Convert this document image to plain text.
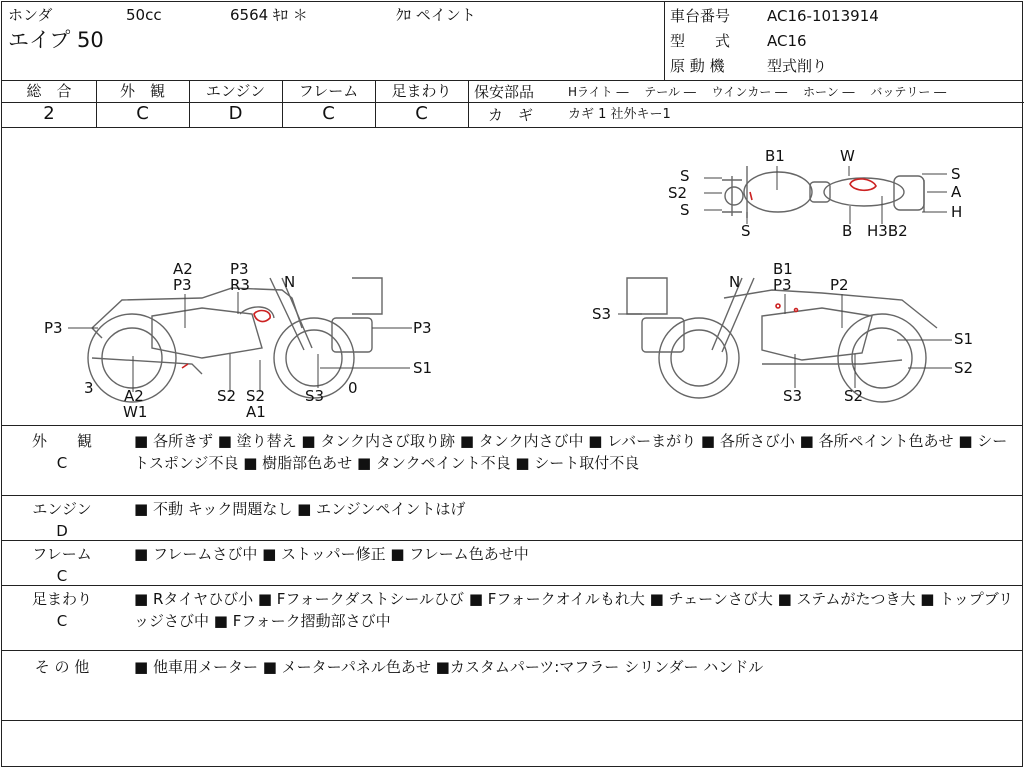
ホンダ	50cc	6564 ｷﾛ ＊	ｸﾛ ペイント
エイプ 50
車台番号 AC16-1013914
型　　式 AC16
原 動 機	型式削り
総　合	外　観	エンジン	フレーム	足まわり
2	C	D	C	C
保安部品	Hライト ―　 テール ―　 ウインカー ―　 ホーン ―　 バッテリー ―
カ　ギ	カギ 1 社外キー1
B1	W
S
S2
S
S
A
H
S	B H3B2
A2
P3
P3
R3 N
P3	P3
S1
3 A2
W1
S2 S2
A1
S3 0
B1
N P3	P2
S3
S1
S2
S3	S2
外　　観
C
■ 各所きず ■ 塗り替え ■ タンク内さび取り跡 ■ タンク内さび中 ■ レバーまがり ■ 各所さび小 ■ 各所ペイント色あせ ■ シートスポンジ不良 ■ 樹脂部色あせ ■ タンクペイント不良 ■ シート取付不良
エンジン
D
■ 不動 キック問題なし ■ エンジンペイントはげ
フレーム
C
■ フレームさび中 ■ ストッパー修正 ■ フレーム色あせ中
足まわり
C
■ Rタイヤひび小 ■ Fフォークダストシールひび ■ Fフォークオイルもれ大 ■ チェーンさび大 ■ ステムがたつき大 ■ トップブリッジさび中 ■ Fフォーク摺動部さび中
そ の 他	■ 他車用メーター ■ メーターパネル色あせ ■カスタムパーツ:マフラー シリンダー ハンドル
